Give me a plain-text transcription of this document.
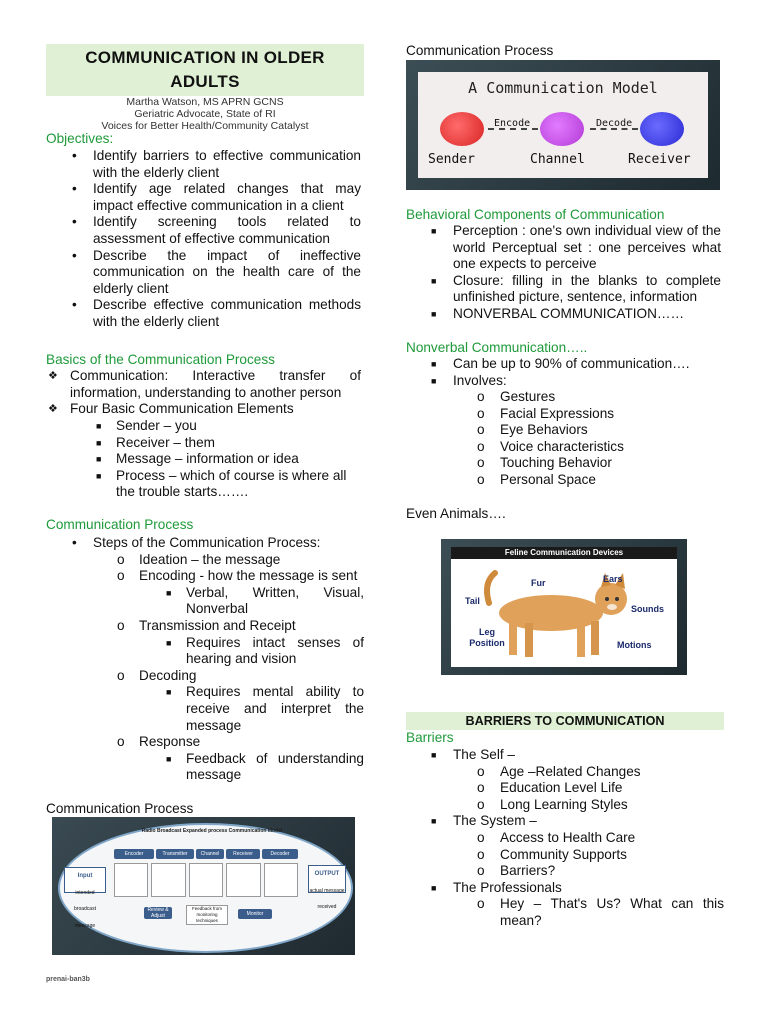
COMMUNICATION IN OLDER
ADULTS
Martha Watson, MS APRN GCNS
Geriatric Advocate, State of RI
Voices for Better Health/Community Catalyst
Objectives:
• Identify barriers to effective communication with the elderly client
• Identify age related changes that may impact effective communication in a client
• Identify screening tools related to assessment of effective communication
• Describe the impact of ineffective communication on the health care of the elderly client
• Describe effective communication methods with the elderly client
Basics of the Communication Process
❖ Communication: Interactive transfer of information, understanding to another person
❖ Four Basic Communication Elements
■ Sender – you
■ Receiver – them
■ Message – information or idea
■ Process – which of course is where all the trouble starts…….
Communication Process
• Steps of the Communication Process:
o Ideation – the message
o Encoding - how the message is sent
■ Verbal, Written, Visual, Nonverbal
o Transmission and Receipt
■ Requires intact senses of hearing and vision
o Decoding
■ Requires mental ability to receive and interpret the message
o Response
■ Feedback of understanding message
Communication Process
Radio Broadcast Expanded process Communication Model
Encoder	Transmitter	Channel	Receiver	Decoder
Input
intended broadcast message
OUTPUT
actual message received
Review & Adjust	Monitor
Feedback from monitoring techniques
Communication Process
A Communication Model
Encode	Decode
Sender	Channel	Receiver
Behavioral Components of Communication
■ Perception : one's own individual view of the world Perceptual set : one perceives what one expects to perceive
■ Closure: filling in the blanks to complete unfinished picture, sentence, information
■ NONVERBAL COMMUNICATION……
Nonverbal Communication…..
■ Can be up to 90% of communication….
■ Involves:
o Gestures
o Facial Expressions
o Eye Behaviors
o Voice characteristics
o Touching Behavior
o Personal Space
Even Animals….
Feline Communication Devices
Fur	Ears
Tail
Sounds
Leg Position	Motions
BARRIERS TO COMMUNICATION
Barriers
■ The Self –
o Age –Related Changes
o Education Level Life
o Long Learning Styles
■ The System –
o Access to Health Care
o Community Supports
o Barriers?
■ The Professionals
o Hey – That's Us? What can this mean?
prenai-ban3b
